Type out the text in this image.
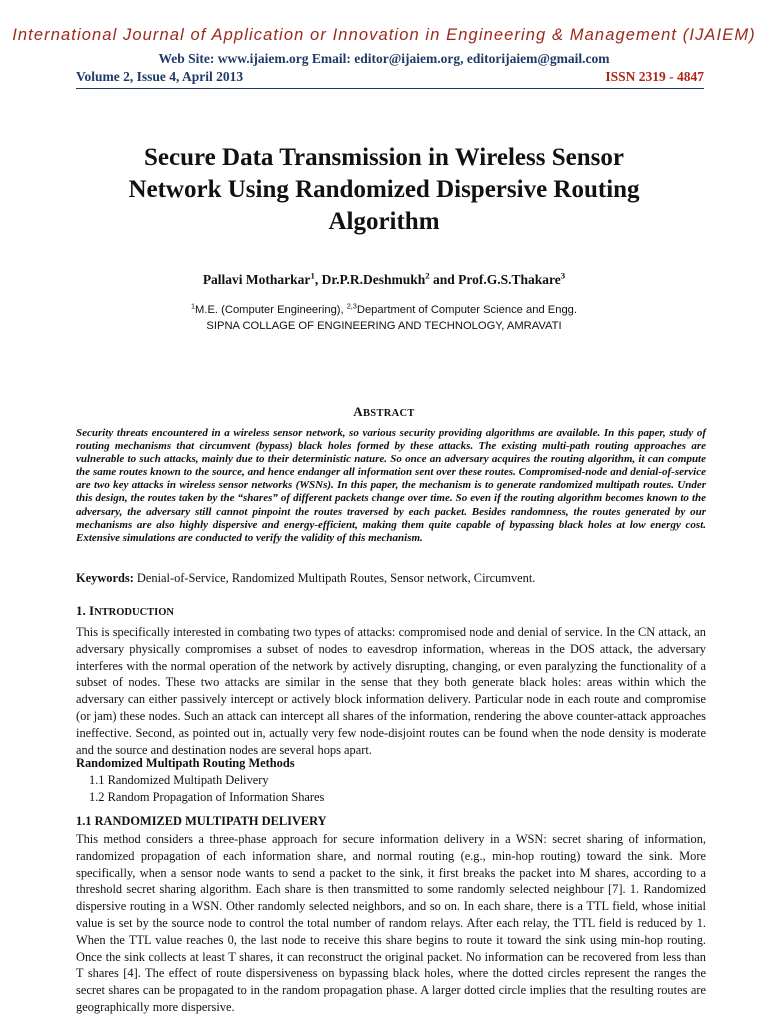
International Journal of Application or Innovation in Engineering & Management (IJAIEM)
Web Site: www.ijaiem.org Email: editor@ijaiem.org, editorijaiem@gmail.com
Volume 2, Issue 4, April 2013	ISSN 2319 - 4847
Secure Data Transmission in Wireless Sensor
Network Using Randomized Dispersive Routing
Algorithm
Pallavi Motharkar$^1$, Dr.P.R.Deshmukh$^2$ and Prof.G.S.Thakare$^3$
$^1$M.E. (Computer Engineering), $^{2,3}$Department of Computer Science and Engg.
SIPNA COLLAGE OF ENGINEERING AND TECHNOLOGY, AMRAVATI
ABSTRACT
Security threats encountered in a wireless sensor network, so various security providing algorithms are available. In this paper, study of routing mechanisms that circumvent (bypass) black holes formed by these attacks. The existing multi-path routing approaches are vulnerable to such attacks, mainly due to their deterministic nature. So once an adversary acquires the routing algorithm, it can compute the same routes known to the source, and hence endanger all information sent over these routes. Compromised-node and denial-of-service are two key attacks in wireless sensor networks (WSNs). In this paper, the mechanism is to generate randomized multipath routes. Under this design, the routes taken by the “shares” of different packets change over time. So even if the routing algorithm becomes known to the adversary, the adversary still cannot pinpoint the routes traversed by each packet. Besides randomness, the routes generated by our mechanisms are also highly dispersive and energy-efficient, making them quite capable of bypassing black holes at low energy cost. Extensive simulations are conducted to verify the validity of this mechanism.
Keywords: Denial-of-Service, Randomized Multipath Routes, Sensor network, Circumvent.
1. INTRODUCTION
This is specifically interested in combating two types of attacks: compromised node and denial of service. In the CN attack, an adversary physically compromises a subset of nodes to eavesdrop information, whereas in the DOS attack, the adversary interferes with the normal operation of the network by actively disrupting, changing, or even paralyzing the functionality of a subset of nodes. These two attacks are similar in the sense that they both generate black holes: areas within which the adversary can either passively intercept or actively block information delivery. Particular node in each route and compromise (or jam) these nodes. Such an attack can intercept all shares of the information, rendering the above counter-attack approaches ineffective. Second, as pointed out in, actually very few node-disjoint routes can be found when the node density is moderate and the source and destination nodes are several hops apart.
Randomized Multipath Routing Methods
1.1 Randomized Multipath Delivery
1.2 Random Propagation of Information Shares
1.1 RANDOMIZED MULTIPATH DELIVERY
This method considers a three-phase approach for secure information delivery in a WSN: secret sharing of information, randomized propagation of each information share, and normal routing (e.g., min-hop routing) toward the sink. More specifically, when a sensor node wants to send a packet to the sink, it first breaks the packet into M shares, according to a threshold secret sharing algorithm. Each share is then transmitted to some randomly selected neighbour [7]. 1. Randomized dispersive routing in a WSN. Other randomly selected neighbors, and so on. In each share, there is a TTL field, whose initial value is set by the source node to control the total number of random relays. After each relay, the TTL field is reduced by 1. When the TTL value reaches 0, the last node to receive this share begins to route it toward the sink using min-hop routing. Once the sink collects at least T shares, it can reconstruct the original packet. No information can be recovered from less than T shares [4]. The effect of route dispersiveness on bypassing black holes, where the dotted circles represent the ranges the secret shares can be propagated to in the random propagation phase. A larger dotted circle implies that the resulting routes are geographically more dispersive.
